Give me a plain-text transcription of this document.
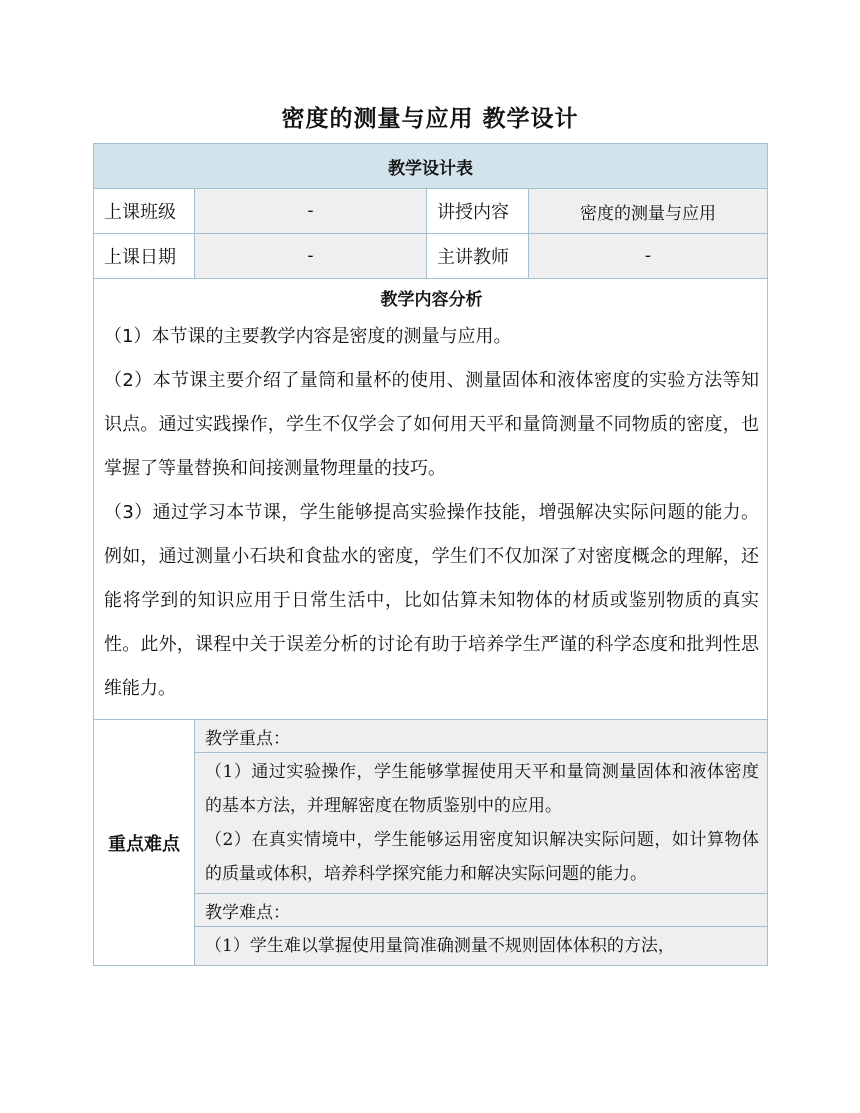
密度的测量与应用 教学设计
教学设计表			
上课班级	-	讲授内容	密度的测量与应用
上课日期	-	主讲教师	-

教学内容分析

（1）本节课的主要教学内容是密度的测量与应用。

（2）本节课主要介绍了量筒和量杯的使用、测量固体和液体密度的实验方法等知识点。通过实践操作，学生不仅学会了如何用天平和量筒测量不同物质的密度，也掌握了等量替换和间接测量物理量的技巧。

（3）通过学习本节课，学生能够提高实验操作技能，增强解决实际问题的能力。例如，通过测量小石块和食盐水的密度，学生们不仅加深了对密度概念的理解，还能将学到的知识应用于日常生活中，比如估算未知物体的材质或鉴别物质的真实性。此外，课程中关于误差分析的讨论有助于培养学生严谨的科学态度和批判性思维能力。			

重点难点	教学重点：		

	（1）通过实验操作，学生能够掌握使用天平和量筒测量固体和液体密度的基本方法，并理解密度在物质鉴别中的应用。

（2）在真实情境中，学生能够运用密度知识解决实际问题，如计算物体的质量或体积，培养科学探究能力和解决实际问题的能力。		

	教学难点：		

	（1）学生难以掌握使用量筒准确测量不规则固体体积的方法，		
